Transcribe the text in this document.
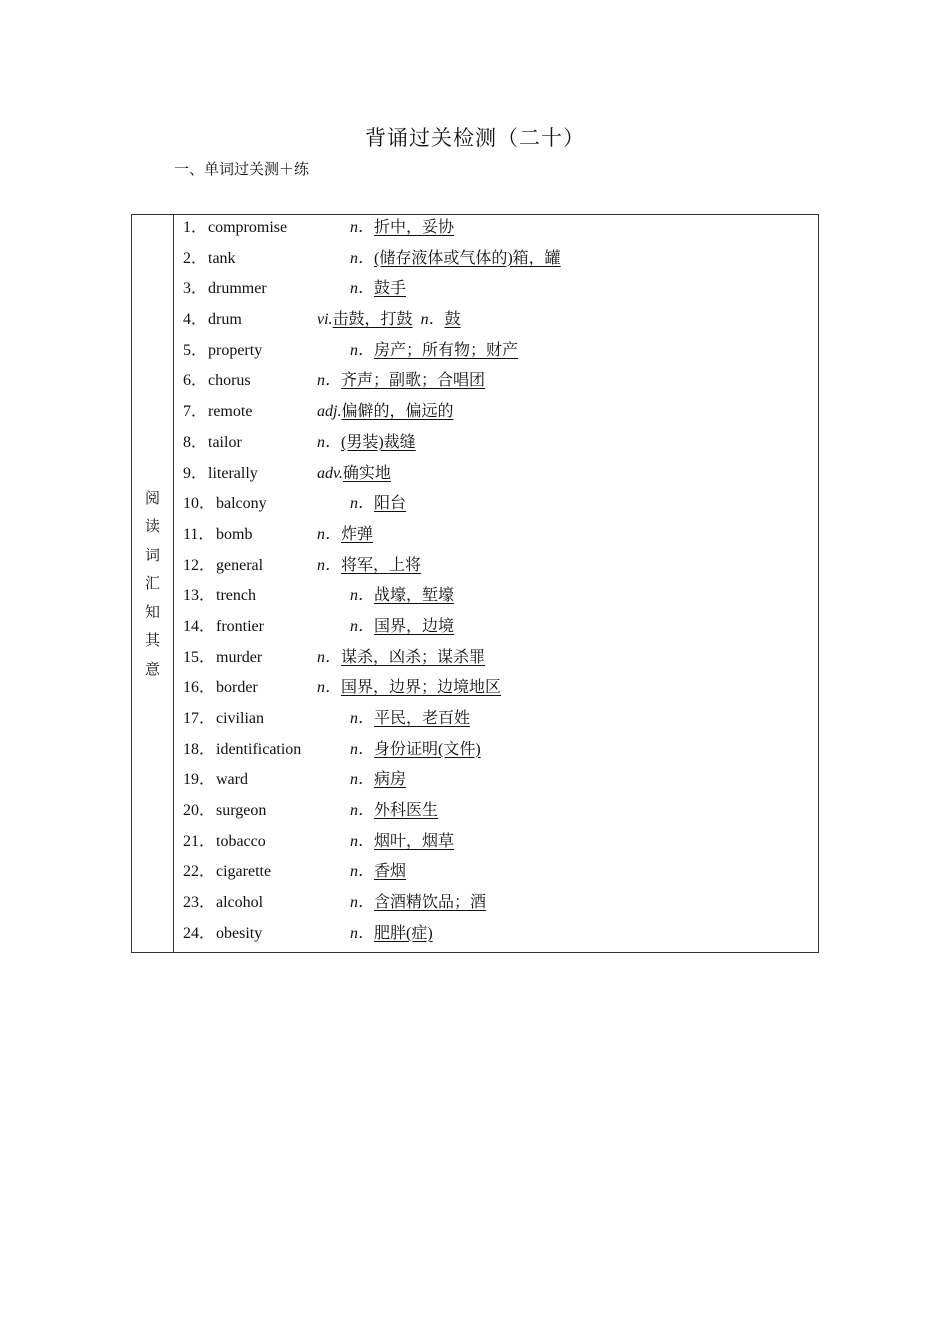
背诵过关检测（二十）
一、单词过关测＋练
阅
读
词
汇
知
其
意
1． compromise	n．折中，妥协
2． tank	n．(储存液体或气体的)箱，罐
3． drummer	n．鼓手
4． drum	vi.击鼓，打鼓 n．鼓
5． property	n．房产；所有物；财产
6． chorus	n．齐声；副歌；合唱团
7． remote	adj.偏僻的，偏远的
8． tailor	n．(男装)裁缝
9． literally	adv.确实地
10． balcony	n．阳台
11． bomb	n．炸弹
12． general	n．将军，上将
13． trench	n．战壕，堑壕
14． frontier	n．国界，边境
15． murder	n．谋杀，凶杀；谋杀罪
16． border	n．国界，边界；边境地区
17． civilian	n．平民，老百姓
18． identification	n．身份证明(文件)
19． ward	n．病房
20． surgeon	n．外科医生
21． tobacco	n．烟叶，烟草
22． cigarette	n．香烟
23． alcohol	n．含酒精饮品；酒
24． obesity	n．肥胖(症)
